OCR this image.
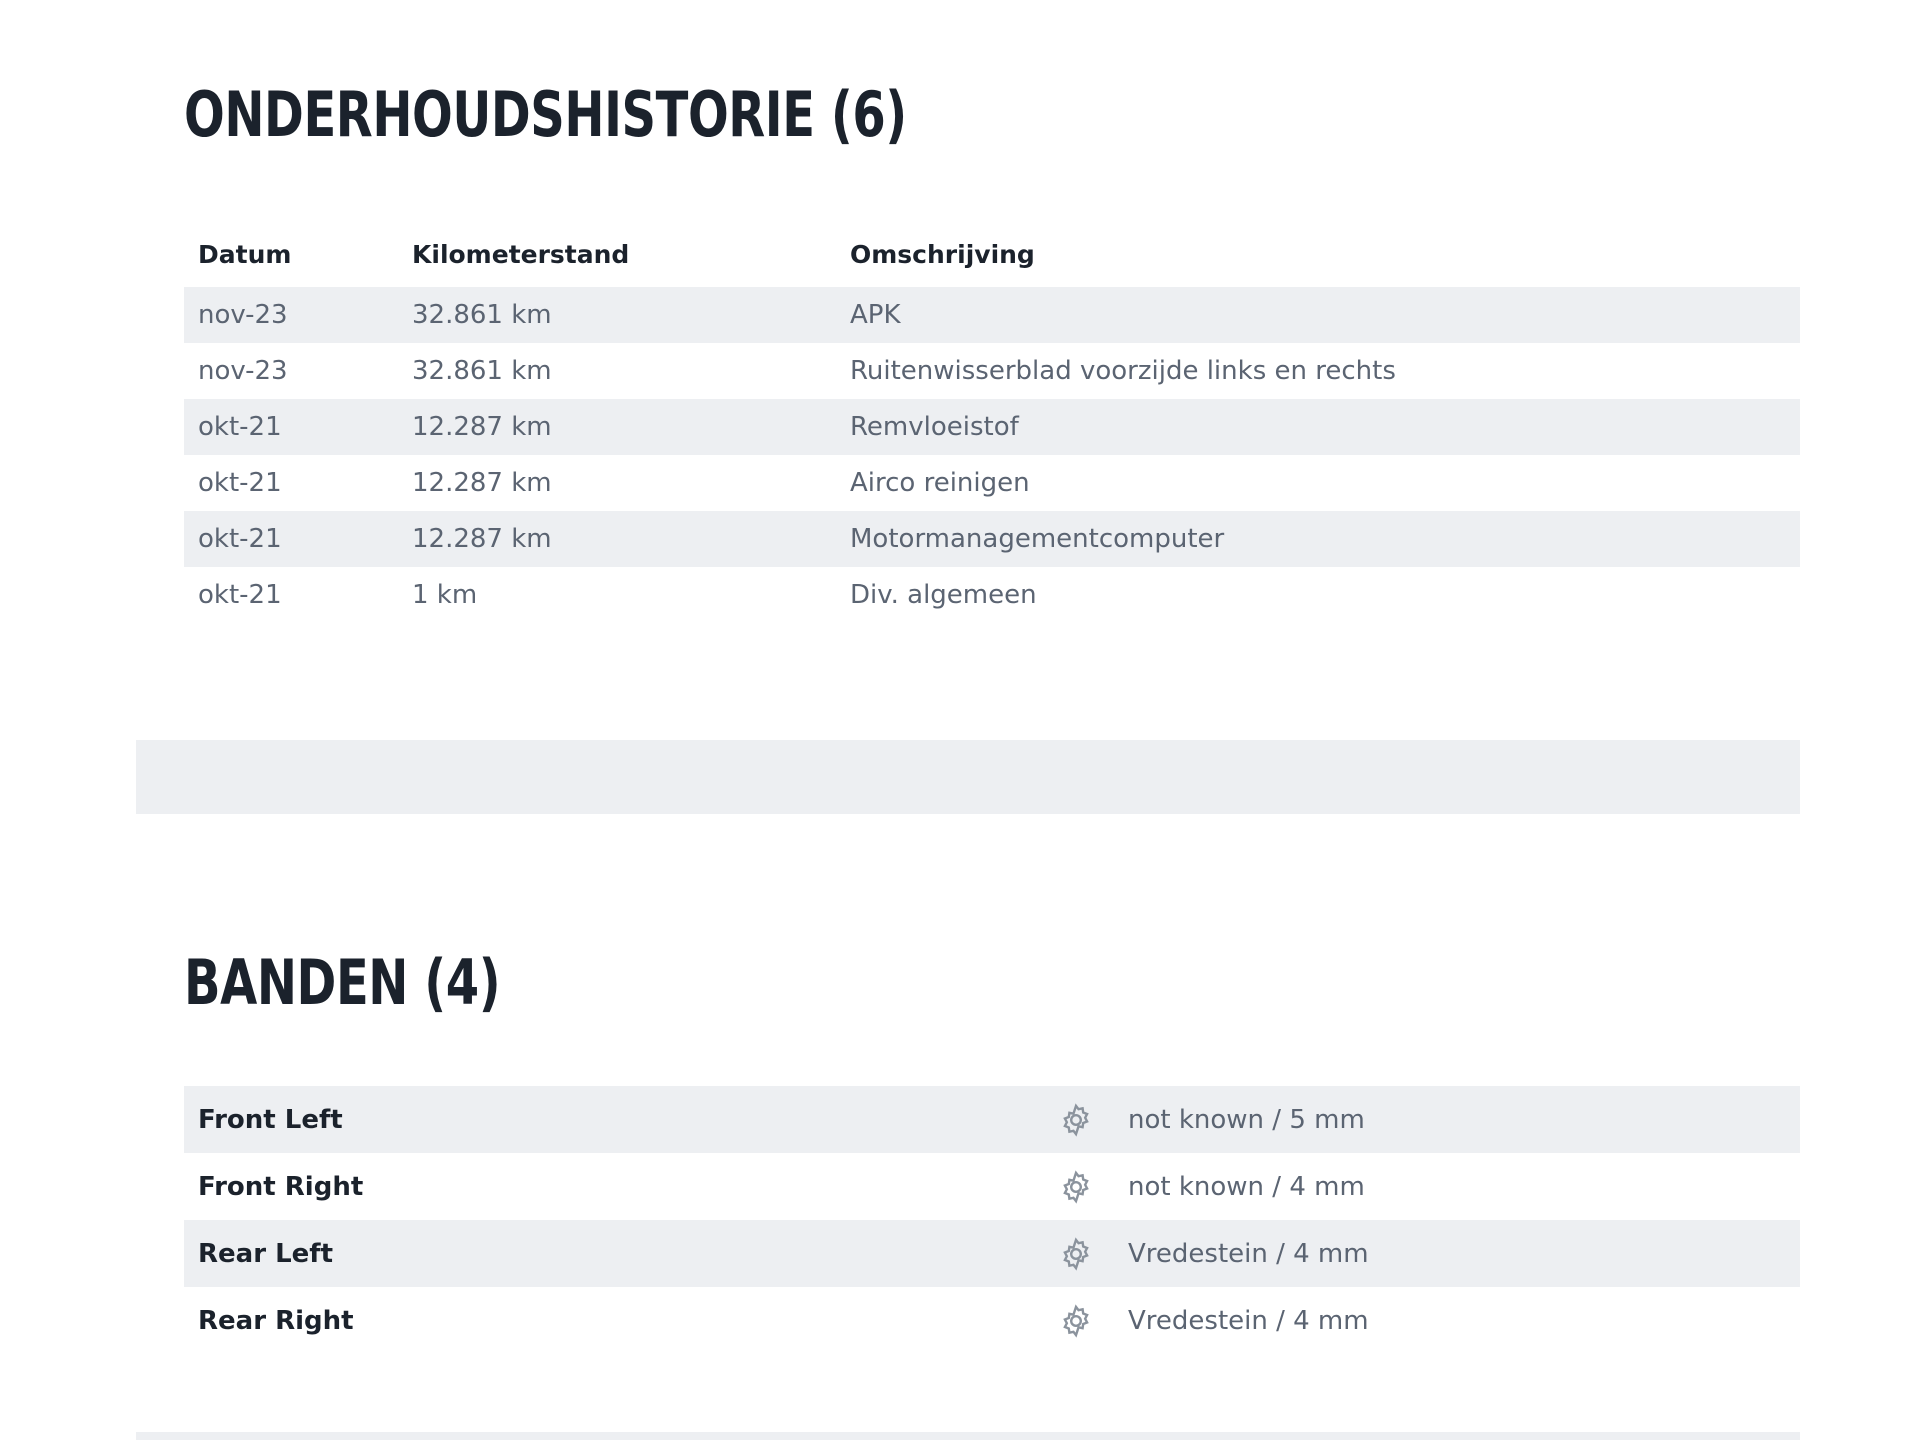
ONDERHOUDSHISTORIE (6)
Datum	Kilometerstand	Omschrijving
nov-23	32.861 km	APK
nov-23	32.861 km	Ruitenwisserblad voorzijde links en rechts
okt-21	12.287 km	Remvloeistof
okt-21	12.287 km	Airco reinigen
okt-21	12.287 km	Motormanagementcomputer
okt-21	1 km	Div. algemeen
BANDEN (4)
Front Left	not known / 5 mm
Front Right	not known / 4 mm
Rear Left	Vredestein / 4 mm
Rear Right	Vredestein / 4 mm
